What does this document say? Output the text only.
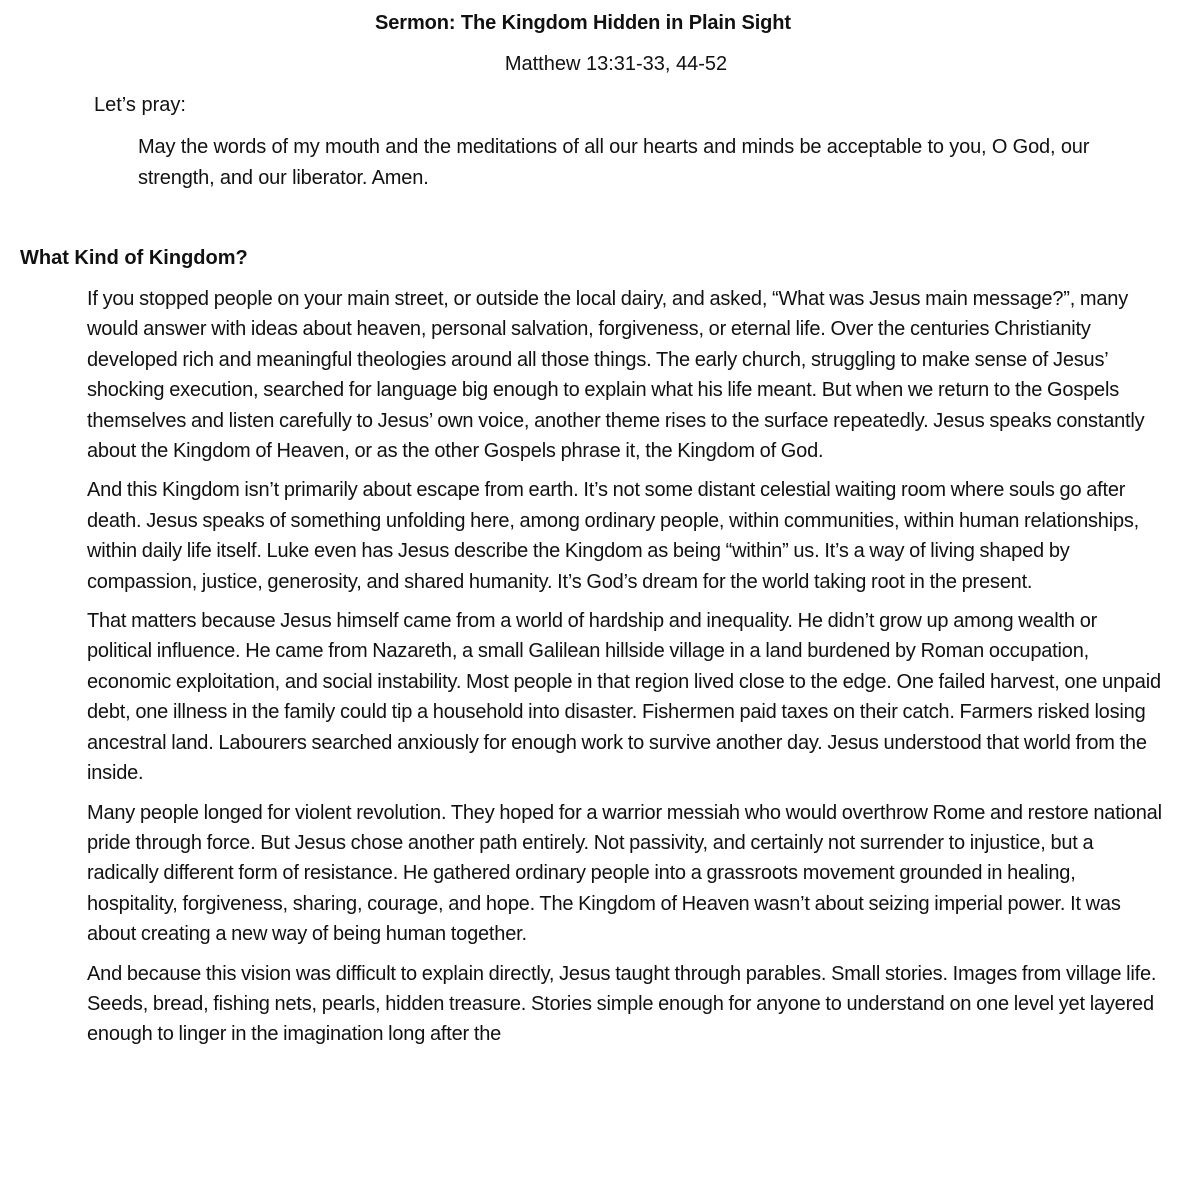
Sermon: The Kingdom Hidden in Plain Sight
Matthew 13:31-33, 44-52
Let’s pray:

May the words of my mouth and the meditations of all our hearts and minds be acceptable to you, O God, our strength, and our liberator. Amen.

What Kind of Kingdom?

If you stopped people on your main street, or outside the local dairy, and asked, “What was Jesus main message?”, many would answer with ideas about heaven, personal salvation, forgiveness, or eternal life. Over the centuries Christianity developed rich and meaningful theologies around all those things. The early church, struggling to make sense of Jesus’ shocking execution, searched for language big enough to explain what his life meant. But when we return to the Gospels themselves and listen carefully to Jesus’ own voice, another theme rises to the surface repeatedly. Jesus speaks constantly about the Kingdom of Heaven, or as the other Gospels phrase it, the Kingdom of God.

And this Kingdom isn’t primarily about escape from earth. It’s not some distant celestial waiting room where souls go after death. Jesus speaks of something unfolding here, among ordinary people, within communities, within human relationships, within daily life itself. Luke even has Jesus describe the Kingdom as being “within” us. It’s a way of living shaped by compassion, justice, generosity, and shared humanity. It’s God’s dream for the world taking root in the present.

That matters because Jesus himself came from a world of hardship and inequality. He didn’t grow up among wealth or political influence. He came from Nazareth, a small Galilean hillside village in a land burdened by Roman occupation, economic exploitation, and social instability. Most people in that region lived close to the edge. One failed harvest, one unpaid debt, one illness in the family could tip a household into disaster. Fishermen paid taxes on their catch. Farmers risked losing ancestral land. Labourers searched anxiously for enough work to survive another day. Jesus understood that world from the inside.

Many people longed for violent revolution. They hoped for a warrior messiah who would overthrow Rome and restore national pride through force. But Jesus chose another path entirely. Not passivity, and certainly not surrender to injustice, but a radically different form of resistance. He gathered ordinary people into a grassroots movement grounded in healing, hospitality, forgiveness, sharing, courage, and hope. The Kingdom of Heaven wasn’t about seizing imperial power. It was about creating a new way of being human together.

And because this vision was difficult to explain directly, Jesus taught through parables. Small stories. Images from village life. Seeds, bread, fishing nets, pearls, hidden treasure. Stories simple enough for anyone to understand on one level yet layered enough to linger in the imagination long after the
